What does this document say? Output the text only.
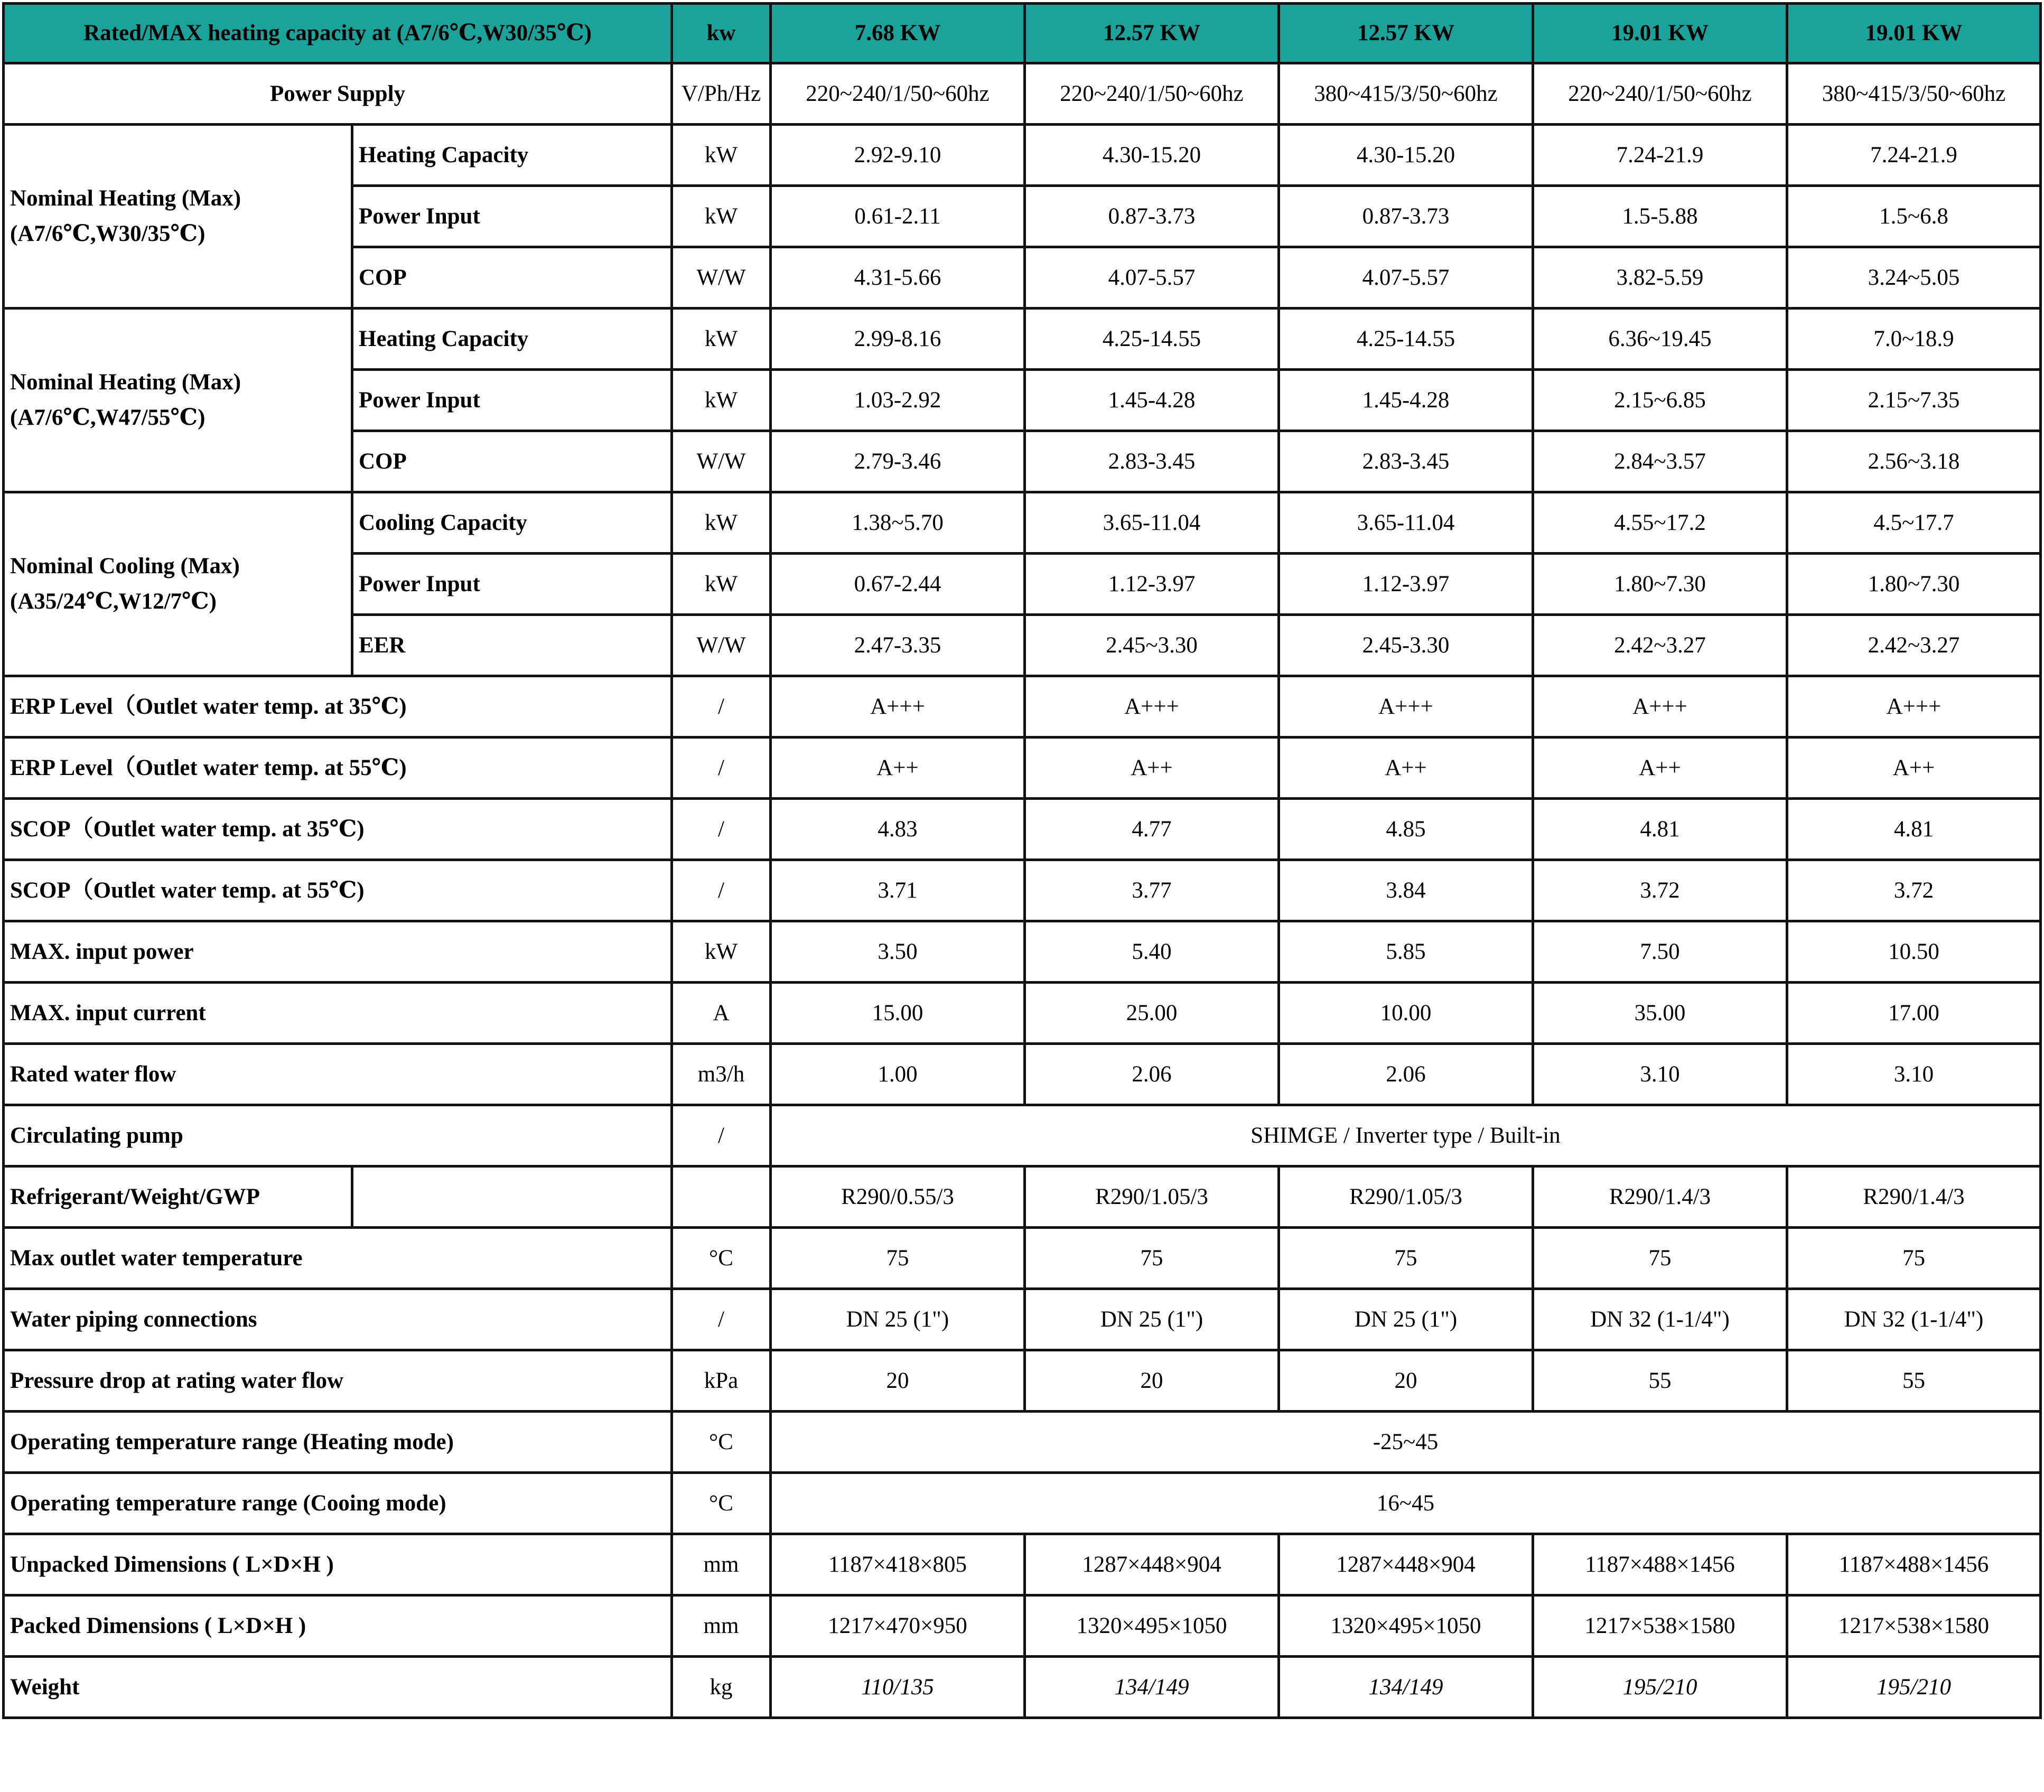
Rated/MAX heating capacity at (A7/6℃,W30/35℃)		kw	7.68 KW	12.57 KW	12.57 KW	19.01 KW	19.01 KW
Power Supply		V/Ph/Hz	220~240/1/50~60hz	220~240/1/50~60hz	380~415/3/50~60hz	220~240/1/50~60hz	380~415/3/50~60hz
Nominal Heating (Max)
(A7/6℃,W30/35℃)	Heating Capacity	kW	2.92-9.10	4.30-15.20	4.30-15.20	7.24-21.9	7.24-21.9
	Power Input	kW	0.61-2.11	0.87-3.73	0.87-3.73	1.5-5.88	1.5~6.8
	COP	W/W	4.31-5.66	4.07-5.57	4.07-5.57	3.82-5.59	3.24~5.05
Nominal Heating (Max)
(A7/6℃,W47/55℃)	Heating Capacity	kW	2.99-8.16	4.25-14.55	4.25-14.55	6.36~19.45	7.0~18.9
	Power Input	kW	1.03-2.92	1.45-4.28	1.45-4.28	2.15~6.85	2.15~7.35
	COP	W/W	2.79-3.46	2.83-3.45	2.83-3.45	2.84~3.57	2.56~3.18
Nominal Cooling (Max)
(A35/24℃,W12/7℃)	Cooling Capacity	kW	1.38~5.70	3.65-11.04	3.65-11.04	4.55~17.2	4.5~17.7
	Power Input	kW	0.67-2.44	1.12-3.97	1.12-3.97	1.80~7.30	1.80~7.30
	EER	W/W	2.47-3.35	2.45~3.30	2.45-3.30	2.42~3.27	2.42~3.27
ERP Level（Outlet water temp. at 35℃)		/	A+++	A+++	A+++	A+++	A+++
ERP Level（Outlet water temp. at 55℃)		/	A++	A++	A++	A++	A++
SCOP（Outlet water temp. at 35℃)		/	4.83	4.77	4.85	4.81	4.81
SCOP（Outlet water temp. at 55℃)		/	3.71	3.77	3.84	3.72	3.72
MAX. input power		kW	3.50	5.40	5.85	7.50	10.50
MAX. input current		A	15.00	25.00	10.00	35.00	17.00
Rated water flow		m3/h	1.00	2.06	2.06	3.10	3.10
Circulating pump		/	SHIMGE / Inverter type / Built-in				
Refrigerant/Weight/GWP			R290/0.55/3	R290/1.05/3	R290/1.05/3	R290/1.4/3	R290/1.4/3
Max outlet water temperature		°C	75	75	75	75	75
Water piping connections		/	DN 25 (1")	DN 25 (1")	DN 25 (1")	DN 32 (1-1/4")	DN 32 (1-1/4")
Pressure drop at rating water flow		kPa	20	20	20	55	55
Operating temperature range (Heating mode)		°C	-25~45				
Operating temperature range (Cooing mode)		°C	16~45				
Unpacked Dimensions ( L×D×H )		mm	1187×418×805	1287×448×904	1287×448×904	1187×488×1456	1187×488×1456
Packed Dimensions ( L×D×H )		mm	1217×470×950	1320×495×1050	1320×495×1050	1217×538×1580	1217×538×1580
Weight		kg	110/135	134/149	134/149	195/210	195/210
